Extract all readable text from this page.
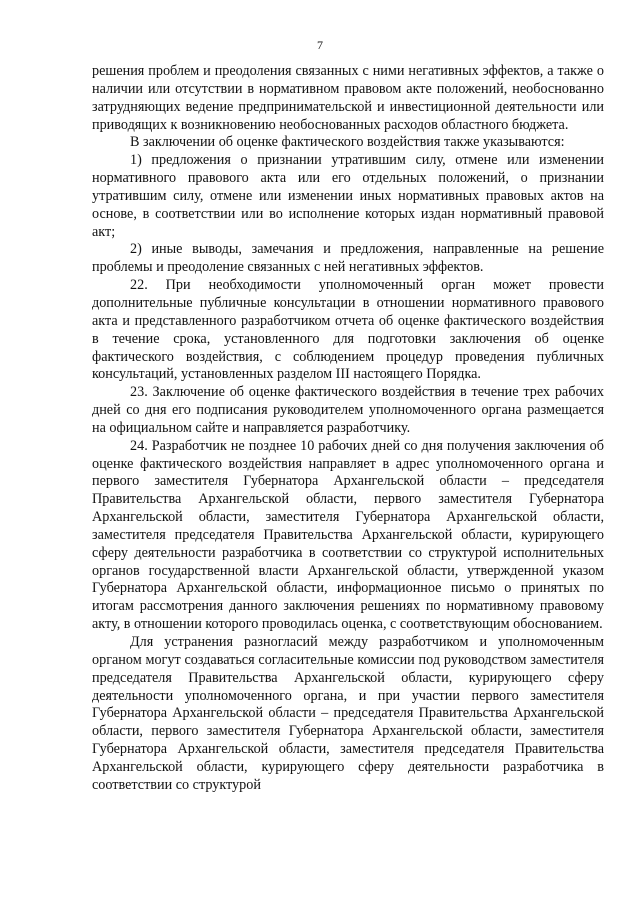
7

решения проблем и преодоления связанных с ними негативных эффектов, а также о наличии или отсутствии в нормативном правовом акте положений, необоснованно затрудняющих ведение предпринимательской и инвестиционной деятельности или приводящих к возникновению необоснованных расходов областного бюджета.

В заключении об оценке фактического воздействия также указываются:

1) предложения о признании утратившим силу, отмене или изменении нормативного правового акта или его отдельных положений, о признании утратившим силу, отмене или изменении иных нормативных правовых актов на основе, в соответствии или во исполнение которых издан нормативный правовой акт;

2) иные выводы, замечания и предложения, направленные на решение проблемы и преодоление связанных с ней негативных эффектов.

22. При необходимости уполномоченный орган может провести дополнительные публичные консультации в отношении нормативного правового акта и представленного разработчиком отчета об оценке фактического воздействия в течение срока, установленного для подготовки заключения об оценке фактического воздействия, с соблюдением процедур проведения публичных консультаций, установленных разделом III настоящего Порядка.

23. Заключение об оценке фактического воздействия в течение трех рабочих дней со дня его подписания руководителем уполномоченного органа размещается на официальном сайте и направляется разработчику.

24. Разработчик не позднее 10 рабочих дней со дня получения заключения об оценке фактического воздействия направляет в адрес уполномоченного органа и первого заместителя Губернатора Архангельской области – председателя Правительства Архангельской области, первого заместителя Губернатора Архангельской области, заместителя Губернатора Архангельской области, заместителя председателя Правительства Архангельской области, курирующего сферу деятельности разработчика в соответствии со структурой исполнительных органов государственной власти Архангельской области, утвержденной указом Губернатора Архангельской области, информационное письмо о принятых по итогам рассмотрения данного заключения решениях по нормативному правовому акту, в отношении которого проводилась оценка, с соответствующим обоснованием.

Для устранения разногласий между разработчиком и уполномоченным органом могут создаваться согласительные комиссии под руководством заместителя председателя Правительства Архангельской области, курирующего сферу деятельности уполномоченного органа, и при участии первого заместителя Губернатора Архангельской области – председателя Правительства Архангельской области, первого заместителя Губернатора Архангельской области, заместителя Губернатора Архангельской области, заместителя председателя Правительства Архангельской области, курирующего сферу деятельности разработчика в соответствии со структурой
